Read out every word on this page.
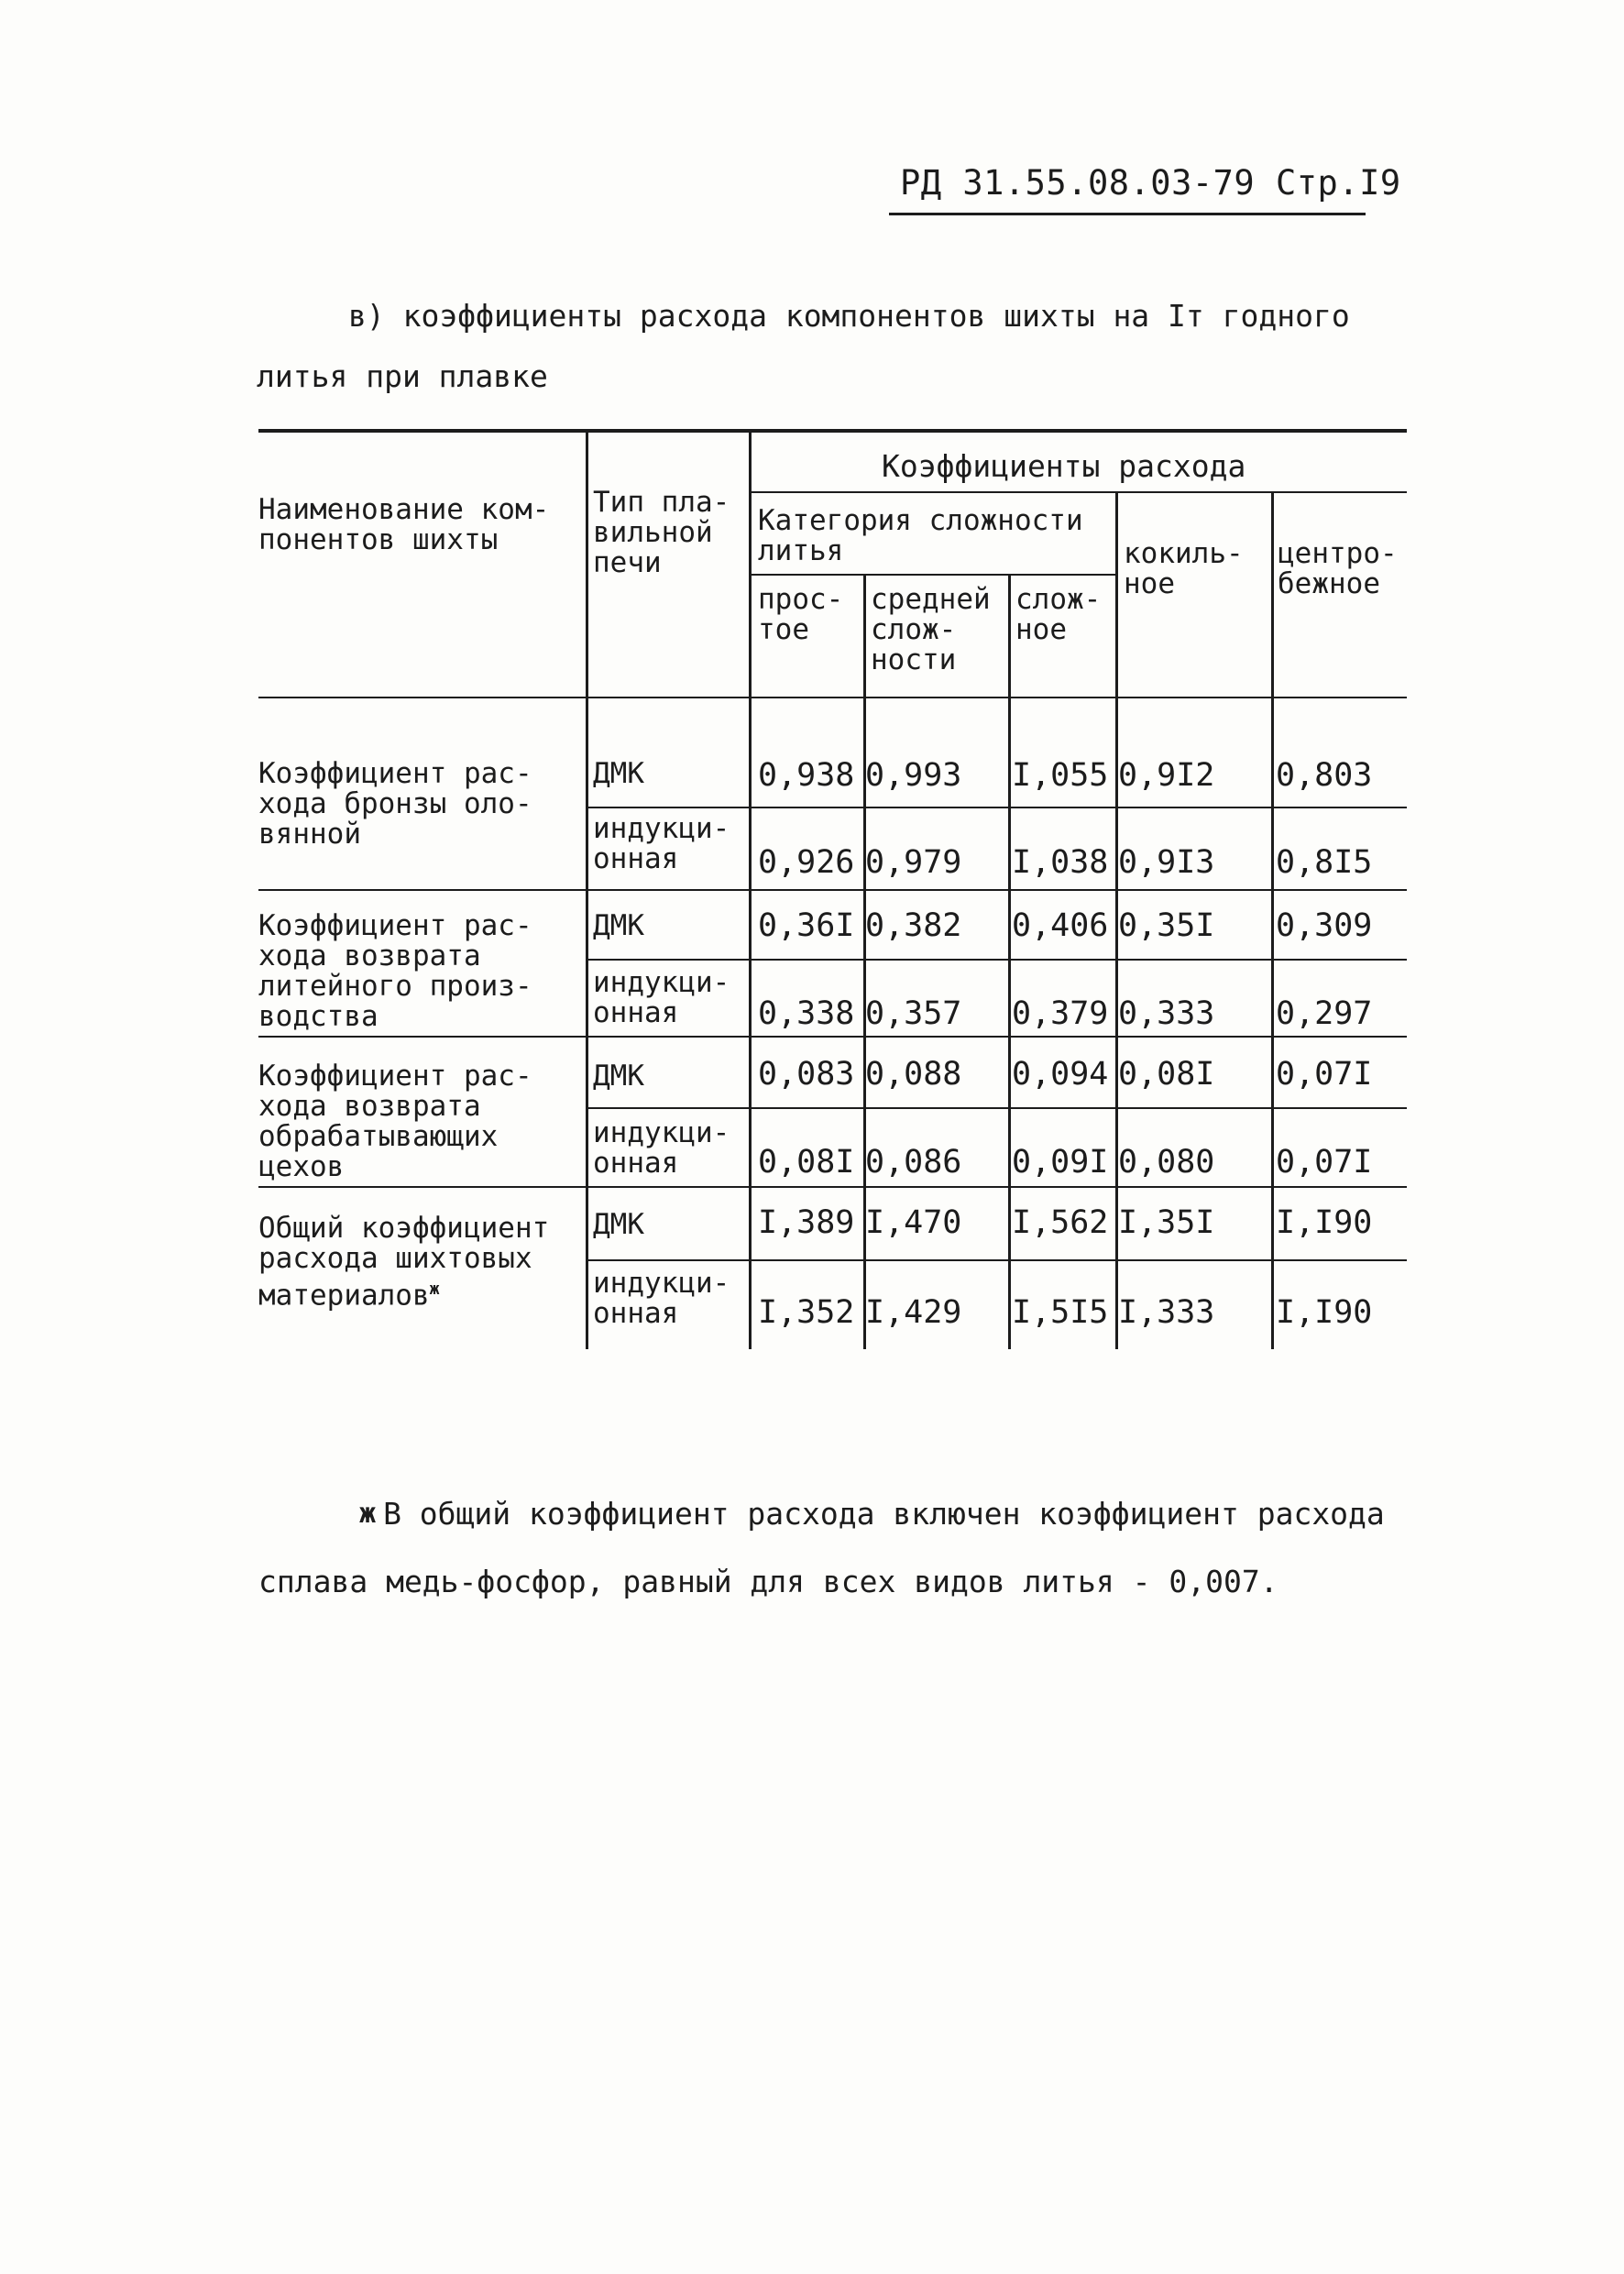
РД 31.55.08.03-79 Стр.I9

в) коэффициенты расхода компонентов шихты на Iт годного

литья при плавке

Наименование ком-
понентов шихты
Тип пла-
вильной
печи
Коэффициенты расхода
Категория сложности
литья
прос-
тое
средней
слож-
ности
слож-
ное
кокиль-
ное
центро-
бежное
Коэффициент рас-
хода бронзы оло-
вянной
ДМК
индукци-
онная
0,938 0,993 I,055 0,9I2 0,803
0,926 0,979 I,038 0,9I3 0,8I5
Коэффициент рас-
хода возврата
литейного произ-
водства
ДМК
индукци-
онная
0,36I 0,382 0,406 0,35I 0,309
0,338 0,357 0,379 0,333 0,297
Коэффициент рас-
хода возврата
обрабатывающих
цехов
ДМК
индукци-
онная
0,083 0,088 0,094 0,08I 0,07I
0,08I 0,086 0,09I 0,080 0,07I
Общий коэффициент
расхода шихтовых
материалов$^ж$
ДМК
индукци-
онная
I,389 I,470 I,562 I,35I I,I90
I,352 I,429 I,5I5 I,333 I,I90

ж В общий коэффициент расхода включен коэффициент расхода

сплава медь-фосфор, равный для всех видов литья - 0,007.
